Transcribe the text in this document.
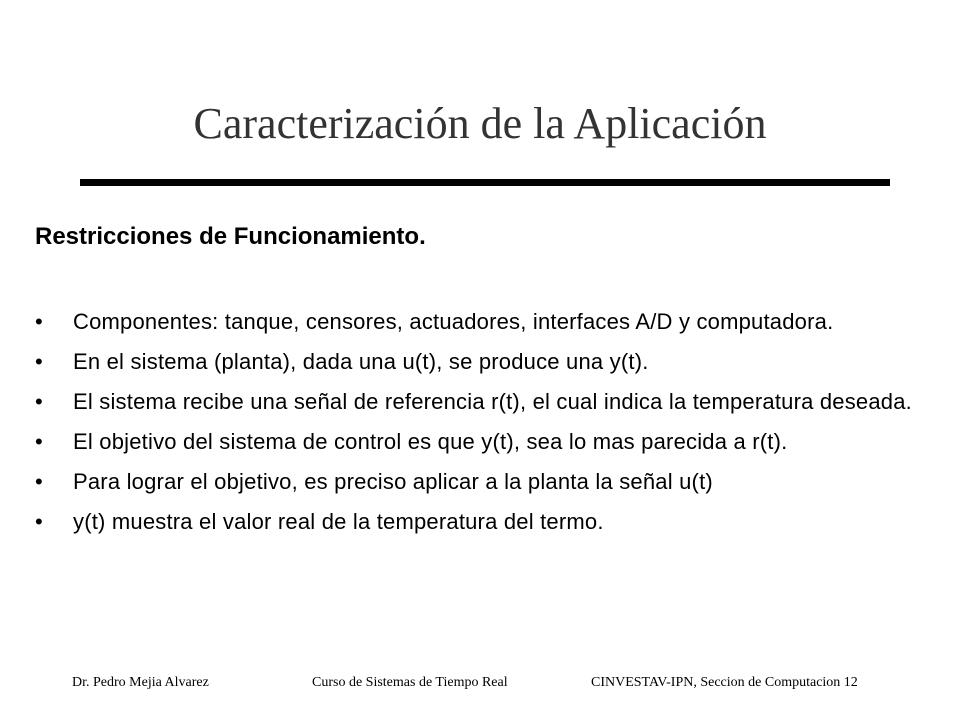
Caracterización de la Aplicación
Restricciones de Funcionamiento.
•	Componentes: tanque, censores, actuadores, interfaces A/D y computadora.
•	En el sistema (planta), dada una u(t), se produce una y(t).
•	El sistema recibe una señal de referencia r(t), el cual indica la temperatura deseada.
•	El objetivo del sistema de control es que y(t), sea lo mas parecida a r(t).
•	Para lograr el objetivo, es preciso aplicar a la planta la señal u(t)
•	y(t) muestra el valor real de la temperatura del termo.
Dr. Pedro Mejia Alvarez	Curso de Sistemas de Tiempo Real	CINVESTAV-IPN, Seccion de Computacion 12
